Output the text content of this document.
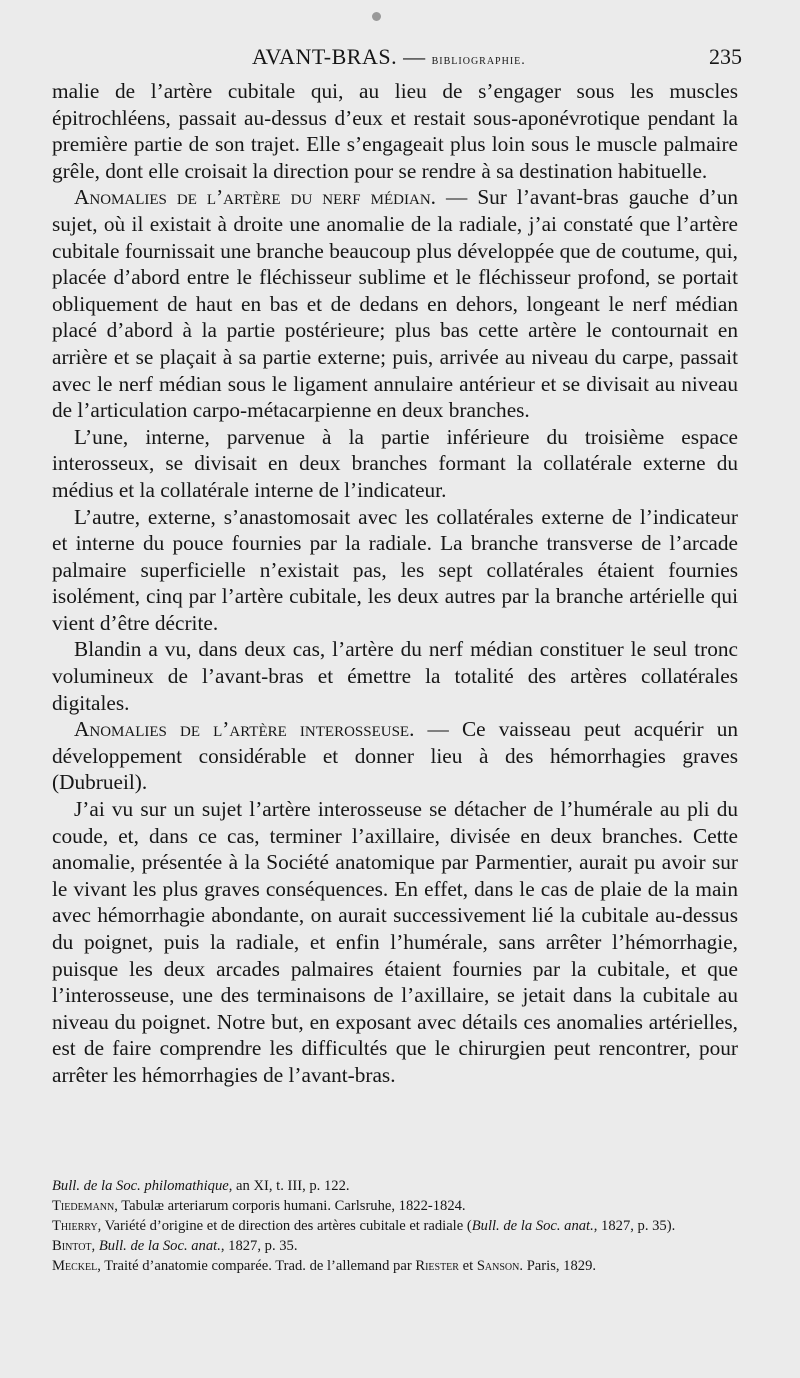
AVANT-BRAS. — bibliographie.	235

malie de l’artère cubitale qui, au lieu de s’engager sous les muscles épitrochléens, passait au-dessus d’eux et restait sous-aponévrotique pendant la première partie de son trajet. Elle s’engageait plus loin sous le muscle palmaire grêle, dont elle croisait la direction pour se rendre à sa destination habituelle.

Anomalies de l’artère du nerf médian. — Sur l’avant-bras gauche d’un sujet, où il existait à droite une anomalie de la radiale, j’ai constaté que l’artère cubitale fournissait une branche beaucoup plus développée que de coutume, qui, placée d’abord entre le fléchisseur sublime et le fléchisseur profond, se portait obliquement de haut en bas et de dedans en dehors, longeant le nerf médian placé d’abord à la partie postérieure; plus bas cette artère le contournait en arrière et se plaçait à sa partie externe; puis, arrivée au niveau du carpe, passait avec le nerf médian sous le ligament annulaire antérieur et se divisait au niveau de l’articulation carpo-métacarpienne en deux branches.

L’une, interne, parvenue à la partie inférieure du troisième espace interosseux, se divisait en deux branches formant la collatérale externe du médius et la collatérale interne de l’indicateur.

L’autre, externe, s’anastomosait avec les collatérales externe de l’indicateur et interne du pouce fournies par la radiale. La branche transverse de l’arcade palmaire superficielle n’existait pas, les sept collatérales étaient fournies isolément, cinq par l’artère cubitale, les deux autres par la branche artérielle qui vient d’être décrite.

Blandin a vu, dans deux cas, l’artère du nerf médian constituer le seul tronc volumineux de l’avant-bras et émettre la totalité des artères collatérales digitales.

Anomalies de l’artère interosseuse. — Ce vaisseau peut acquérir un développement considérable et donner lieu à des hémorrhagies graves (Dubrueil).

J’ai vu sur un sujet l’artère interosseuse se détacher de l’humérale au pli du coude, et, dans ce cas, terminer l’axillaire, divisée en deux branches. Cette anomalie, présentée à la Société anatomique par Parmentier, aurait pu avoir sur le vivant les plus graves conséquences. En effet, dans le cas de plaie de la main avec hémorrhagie abondante, on aurait successivement lié la cubitale au-dessus du poignet, puis la radiale, et enfin l’humérale, sans arrêter l’hémorrhagie, puisque les deux arcades palmaires étaient fournies par la cubitale, et que l’interosseuse, une des terminaisons de l’axillaire, se jetait dans la cubitale au niveau du poignet. Notre but, en exposant avec détails ces anomalies artérielles, est de faire comprendre les difficultés que le chirurgien peut rencontrer, pour arrêter les hémorrhagies de l’avant-bras.

Bull. de la Soc. philomathique, an XI, t. III, p. 122.

Tiedemann, Tabulæ arteriarum corporis humani. Carlsruhe, 1822-1824.

Thierry, Variété d’origine et de direction des artères cubitale et radiale (Bull. de la Soc. anat., 1827, p. 35).

Bintot, Bull. de la Soc. anat., 1827, p. 35.

Meckel, Traité d’anatomie comparée. Trad. de l’allemand par Riester et Sanson. Paris, 1829.
